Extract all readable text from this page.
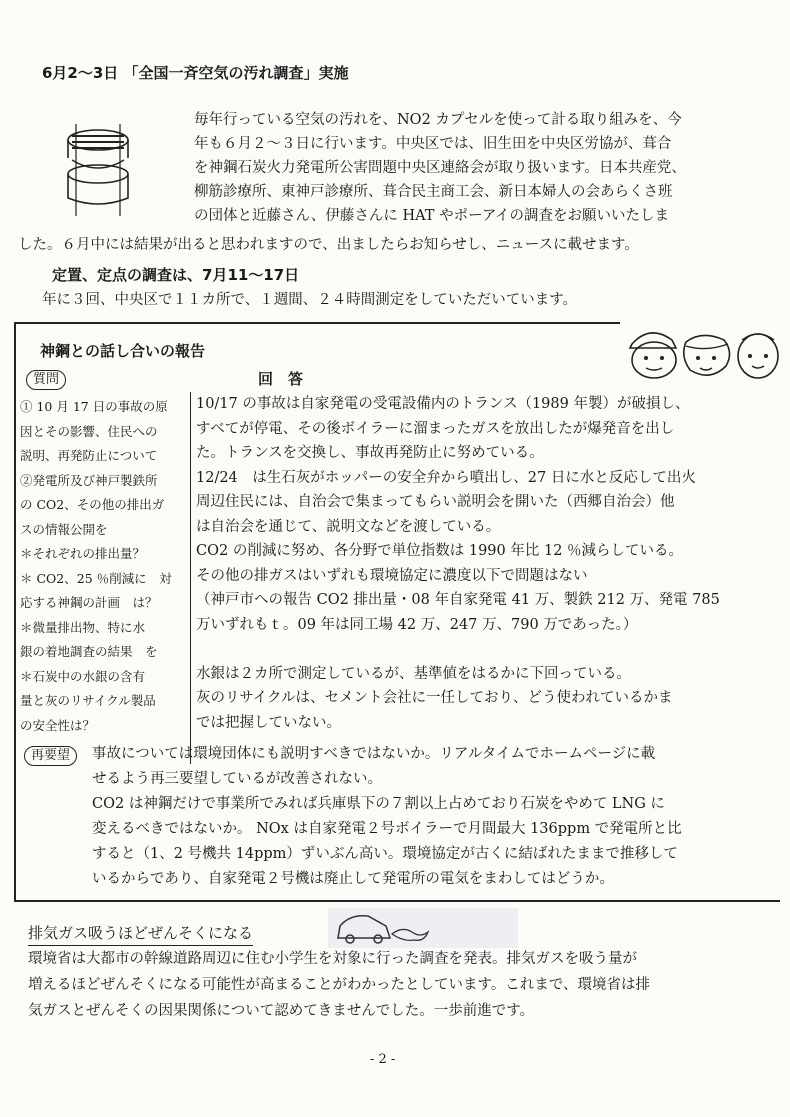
6月2〜3日 「全国一斉空気の汚れ調査」実施
毎年行っている空気の汚れを、NO2 カプセルを使って計る取り組みを、今
年も６月２〜３日に行います。中央区では、旧生田を中央区労協が、葺合
を神鋼石炭火力発電所公害問題中央区連絡会が取り扱います。日本共産党、
柳筋診療所、東神戸診療所、葺合民主商工会、新日本婦人の会あらくさ班
の団体と近藤さん、伊藤さんに HAT やポーアイの調査をお願いいたしま
した。６月中には結果が出ると思われますので、出ましたらお知らせし、ニュースに載せます。
定置、定点の調査は、7月11〜17日
年に３回、中央区で１１カ所で、１週間、２４時間測定をしていただいています。
神鋼との話し合いの報告
質問	回　答
① 10 月 17 日の事故の原
因とその影響、住民への
説明、再発防止について
②発電所及び神戸製鉄所
の CO2、その他の排出ガ
スの情報公開を
＊それぞれの排出量？
＊ CO2、25 ％削減に　対
応する神鋼の計画　は？
＊微量排出物、特に水
銀の着地調査の結果　を
＊石炭中の水銀の含有
量と灰のリサイクル製品
の安全性は？
10/17 の事故は自家発電の受電設備内のトランス（1989 年製）が破損し、
すべてが停電、その後ボイラーに溜まったガスを放出したが爆発音を出し
た。トランスを交換し、事故再発防止に努めている。
12/24　は生石灰がホッパーの安全弁から噴出し、27 日に水と反応して出火
周辺住民には、自治会で集まってもらい説明会を開いた（西郷自治会）他
は自治会を通じて、説明文などを渡している。
CO2 の削減に努め、各分野で単位指数は 1990 年比 12 ％減らしている。
その他の排ガスはいずれも環境協定に濃度以下で問題はない
（神戸市への報告 CO2 排出量・08 年自家発電 41 万、製鉄 212 万、発電 785
万いずれもｔ。09 年は同工場 42 万、247 万、790 万であった。）
水銀は２カ所で測定しているが、基準値をはるかに下回っている。
灰のリサイクルは、セメント会社に一任しており、どう使われているかま
では把握していない。
再要望	事故については環境団体にも説明すべきではないか。リアルタイムでホームページに載
せるよう再三要望しているが改善されない。
CO2 は神鋼だけで事業所でみれば兵庫県下の７割以上占めており石炭をやめて LNG に
変えるべきではないか。 NOx は自家発電２号ボイラーで月間最大 136ppm で発電所と比
すると（1、2 号機共 14ppm）ずいぶん高い。環境協定が古くに結ばれたままで推移して
いるからであり、自家発電２号機は廃止して発電所の電気をまわしてはどうか。
排気ガス吸うほどぜんそくになる
環境省は大都市の幹線道路周辺に住む小学生を対象に行った調査を発表。排気ガスを吸う量が
増えるほどぜんそくになる可能性が高まることがわかったとしています。これまで、環境省は排
気ガスとぜんそくの因果関係について認めてきませんでした。一歩前進です。
- 2 -
